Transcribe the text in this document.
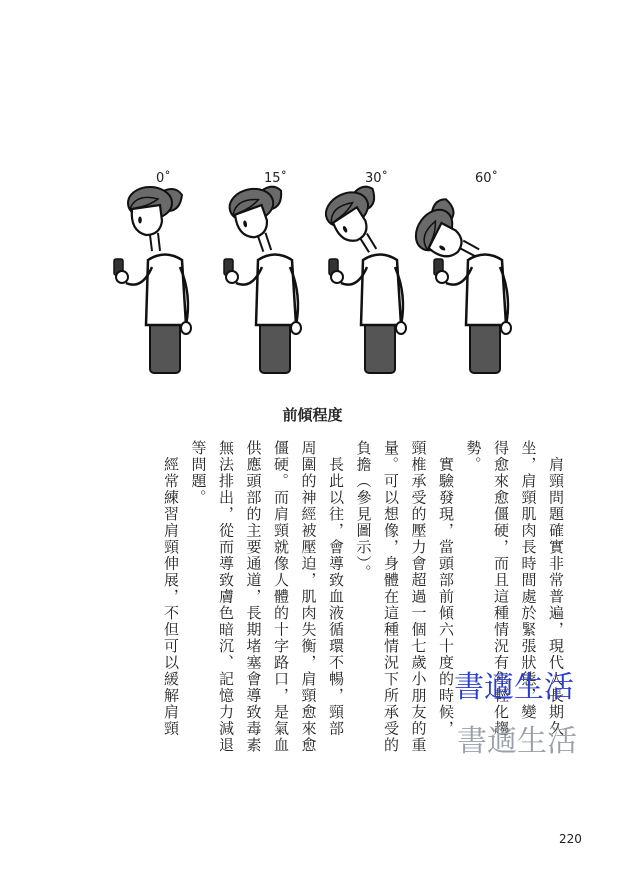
0˚	15˚	30˚	60˚
前傾程度

　肩頸問題確實非常普遍，現代人長期久
坐，肩頸肌肉長時間處於緊張狀態，變
得愈來愈僵硬，而且這種情況有年輕化趨
勢。

　實驗發現，當頭部前傾六十度的時候，
頸椎承受的壓力會超過一個七歲小朋友的重
量。可以想像，身體在這種情況下所承受的
負擔（參見圖示）。

　長此以往，會導致血液循環不暢，頸部
周圍的神經被壓迫，肌肉失衡，肩頸愈來愈
僵硬。而肩頸就像人體的十字路口，是氣血
供應頭部的主要通道，長期堵塞會導致毒素
無法排出，從而導致膚色暗沉、記憶力減退
等問題。

　經常練習肩頸伸展，不但可以緩解肩頸	書適生活
書適生活
220
